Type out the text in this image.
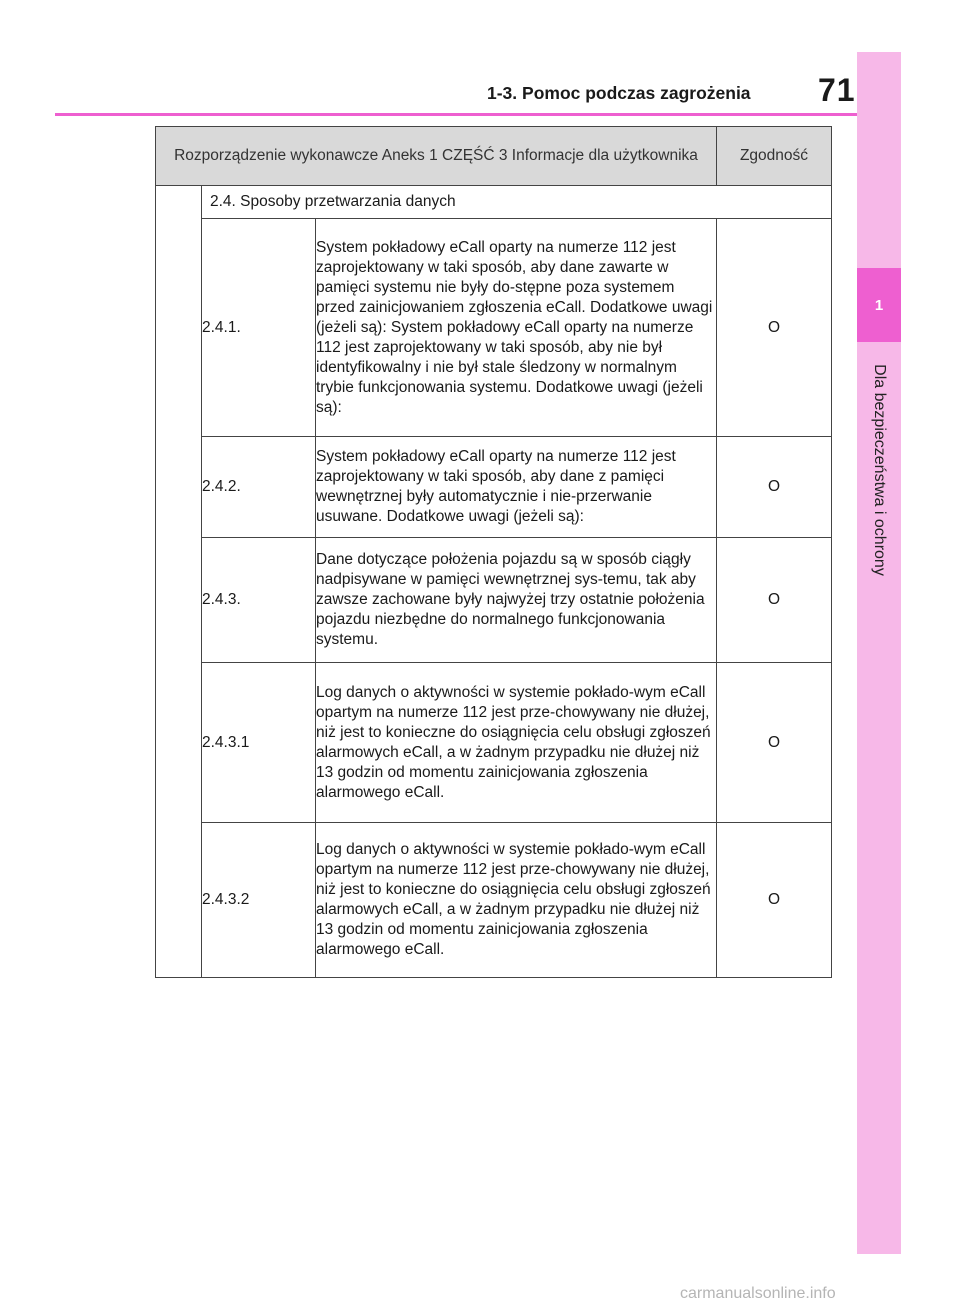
1
Dla bezpieczeństwa i ochrony
1-3. Pomoc podczas zagrożenia 71
Rozporządzenie wykonawcze Aneks 1 CZĘŚĆ 3 Informacje dla użytkownika			Zgodność
	2.4. Sposoby przetwarzania danych		
	2.4.1.	System pokładowy eCall oparty na numerze 112 jest zaprojektowany w taki sposób, aby dane zawarte w pamięci systemu nie były do-stępne poza systemem przed zainicjowaniem zgłoszenia eCall. Dodatkowe uwagi (jeżeli są): System pokładowy eCall oparty na numerze 112 jest zaprojektowany w taki sposób, aby nie był identyfikowalny i nie był stale śledzony w normalnym trybie funkcjonowania systemu. Dodatkowe uwagi (jeżeli są):	O
	2.4.2.	System pokładowy eCall oparty na numerze 112 jest zaprojektowany w taki sposób, aby dane z pamięci wewnętrznej były automatycznie i nie-przerwanie usuwane. Dodatkowe uwagi (jeżeli są):	O
	2.4.3.	Dane dotyczące położenia pojazdu są w sposób ciągły nadpisywane w pamięci wewnętrznej sys-temu, tak aby zawsze zachowane były najwyżej trzy ostatnie położenia pojazdu niezbędne do normalnego funkcjonowania systemu.	O
	2.4.3.1	Log danych o aktywności w systemie pokłado-wym eCall opartym na numerze 112 jest prze-chowywany nie dłużej, niż jest to konieczne do osiągnięcia celu obsługi zgłoszeń alarmowych eCall, a w żadnym przypadku nie dłużej niż 13 godzin od momentu zainicjowania zgłoszenia alarmowego eCall.	O
	2.4.3.2	Log danych o aktywności w systemie pokłado-wym eCall opartym na numerze 112 jest prze-chowywany nie dłużej, niż jest to konieczne do osiągnięcia celu obsługi zgłoszeń alarmowych eCall, a w żadnym przypadku nie dłużej niż 13 godzin od momentu zainicjowania zgłoszenia alarmowego eCall.	O
carmanualsonline.info
